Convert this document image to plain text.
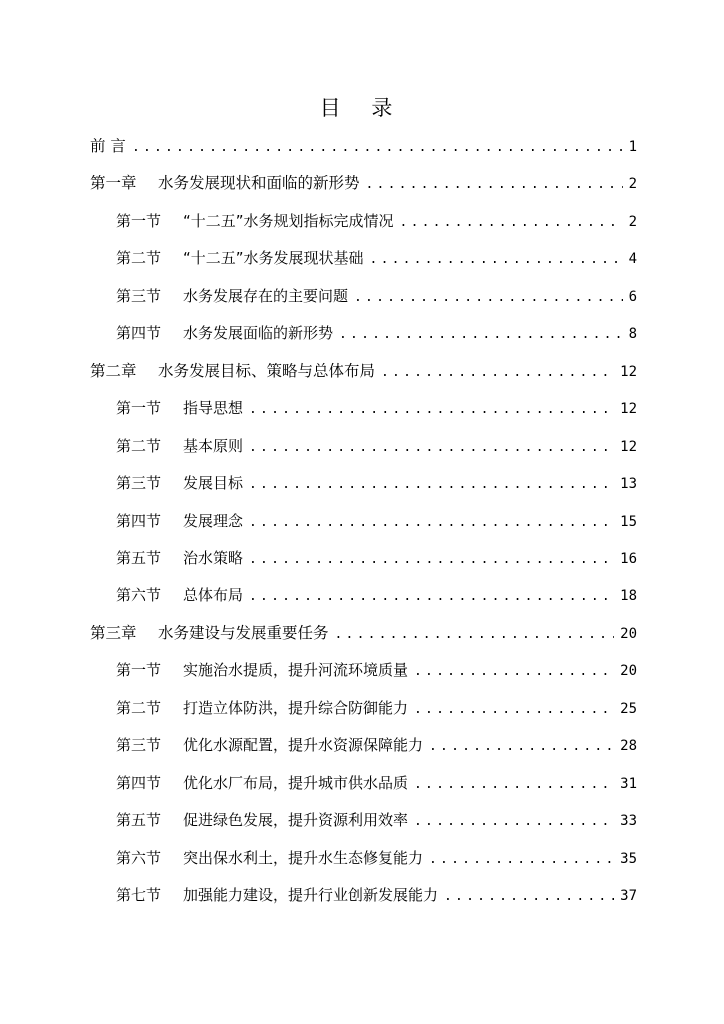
目 录
前 言 .....	1
第一章 水务发展现状和面临的新形势 .....	2
第一节 “十二五”水务规划指标完成情况 .....	2
第二节 “十二五”水务发展现状基础 .....	4
第三节 水务发展存在的主要问题 .....	6
第四节 水务发展面临的新形势 .....	8
第二章 水务发展目标、策略与总体布局 .....	12
第一节 指导思想 .....	12
第二节 基本原则 .....	12
第三节 发展目标 .....	13
第四节 发展理念 .....	15
第五节 治水策略 .....	16
第六节 总体布局 .....	18
第三章 水务建设与发展重要任务 .....	20
第一节 实施治水提质，提升河流环境质量 .....	20
第二节 打造立体防洪，提升综合防御能力 .....	25
第三节 优化水源配置，提升水资源保障能力 .....	28
第四节 优化水厂布局，提升城市供水品质 .....	31
第五节 促进绿色发展，提升资源利用效率 .....	33
第六节 突出保水利土，提升水生态修复能力 .....	35
第七节 加强能力建设，提升行业创新发展能力 .....	37
